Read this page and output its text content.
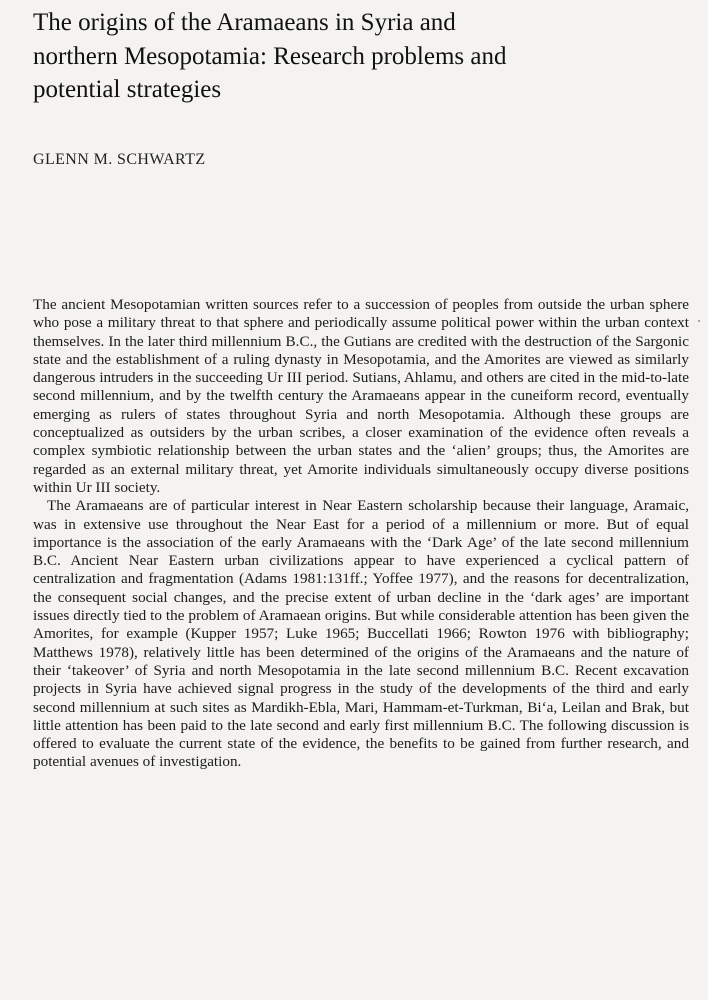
The origins of the Aramaeans in Syria and
northern Mesopotamia: Research problems and
potential strategies
GLENN M. SCHWARTZ

The ancient Mesopotamian written sources refer to a succession of peoples from outside the urban sphere who pose a military threat to that sphere and periodically assume political power within the urban context themselves. In the later third millennium B.C., the Gutians are credited with the destruction of the Sargonic state and the establishment of a ruling dynasty in Mesopotamia, and the Amorites are viewed as similarly dangerous intruders in the succeeding Ur III period. Sutians, Ahlamu, and others are cited in the mid-to-late second millennium, and by the twelfth century the Aramaeans appear in the cuneiform record, eventually emerging as rulers of states throughout Syria and north Mesopotamia. Although these groups are conceptualized as outsiders by the urban scribes, a closer examination of the evidence often reveals a complex symbiotic relationship between the urban states and the ‘alien’ groups; thus, the Amorites are regarded as an external military threat, yet Amorite individuals simultaneously occupy diverse positions within Ur III society.

The Aramaeans are of particular interest in Near Eastern scholarship because their language, Aramaic, was in extensive use throughout the Near East for a period of a millennium or more. But of equal importance is the association of the early Aramaeans with the ‘Dark Age’ of the late second millennium B.C. Ancient Near Eastern urban civilizations appear to have experienced a cyclical pattern of centralization and fragmentation (Adams 1981:131ff.; Yoffee 1977), and the reasons for decentralization, the consequent social changes, and the precise extent of urban decline in the ‘dark ages’ are important issues directly tied to the problem of Aramaean origins. But while considerable attention has been given the Amorites, for example (Kupper 1957; Luke 1965; Buccellati 1966; Rowton 1976 with bibliography; Matthews 1978), relatively little has been determined of the origins of the Aramaeans and the nature of their ‘takeover’ of Syria and north Mesopotamia in the late second millennium B.C. Recent excavation projects in Syria have achieved signal progress in the study of the developments of the third and early second millennium at such sites as Mardikh-Ebla, Mari, Hammam-et-Turkman, Bi‘a, Leilan and Brak, but little attention has been paid to the late second and early first millennium B.C. The following discussion is offered to evaluate the current state of the evidence, the benefits to be gained from further research, and potential avenues of investigation.
